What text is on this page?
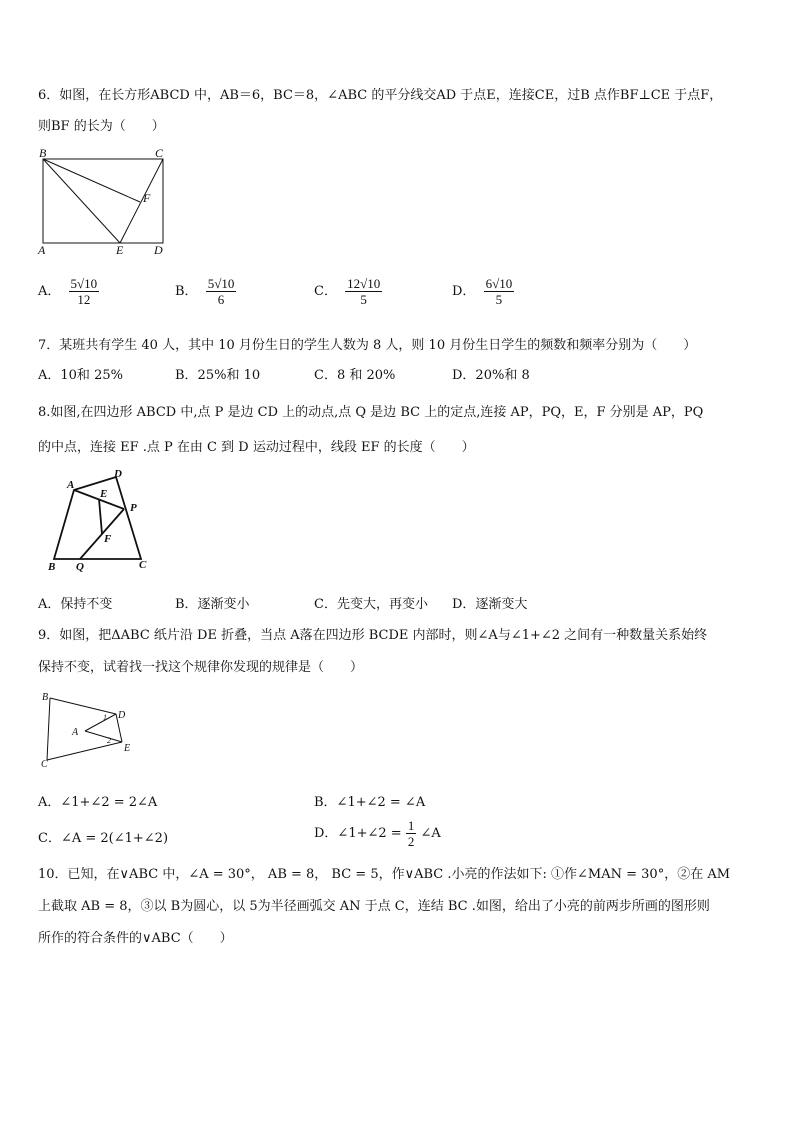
6．如图，在长方形ABCD 中，AB＝6，BC＝8，∠ABC 的平分线交AD 于点E，连接CE，过B 点作BF⊥CE 于点F，
则BF 的长为（　　）
B	C
F
A	E	D
A． $\frac{5√10}{12}$	B． $\frac{5√10}{6}$	C． $\frac{12√10}{5}$	D． $\frac{6√10}{5}$
7．某班共有学生 40 人，其中 10 月份生日的学生人数为 8 人，则 10 月份生日学生的频数和频率分别为（　　）
A．10和 25%	B．25%和 10	C．8 和 20%	D．20%和 8
8.如图,在四边形 ABCD 中,点 P 是边 CD 上的动点,点 Q 是边 BC 上的定点,连接 AP，PQ，E，F 分别是 AP，PQ
的中点，连接 EF .点 P 在由 C 到 D 运动过程中，线段 EF 的长度（　　）
A
D
E
P
F
B Q	C
A．保持不变	B．逐渐变小	C．先变大，再变小 D．逐渐变大
9．如图，把ΔABC 纸片沿 DE 折叠，当点 A落在四边形 BCDE 内部时，则∠A与∠1+∠2 之间有一种数量关系始终
保持不变，试着找一找这个规律你发现的规律是（　　）
B
C
A
D
E
1
2
A．∠1+∠2 = 2∠A	B．∠1+∠2 = ∠A
C．∠A = 2(∠1+∠2)	D．∠1+∠2 = $\frac{1}{2}$ ∠A
10．已知，在∨ABC 中，∠A = 30°， AB = 8， BC = 5，作∨ABC .小亮的作法如下: ①作∠MAN = 30°，②在 AM
上截取 AB = 8，③以 B为圆心，以 5为半径画弧交 AN 于点 C，连结 BC .如图，给出了小亮的前两步所画的图形则
所作的符合条件的∨ABC（　　）
